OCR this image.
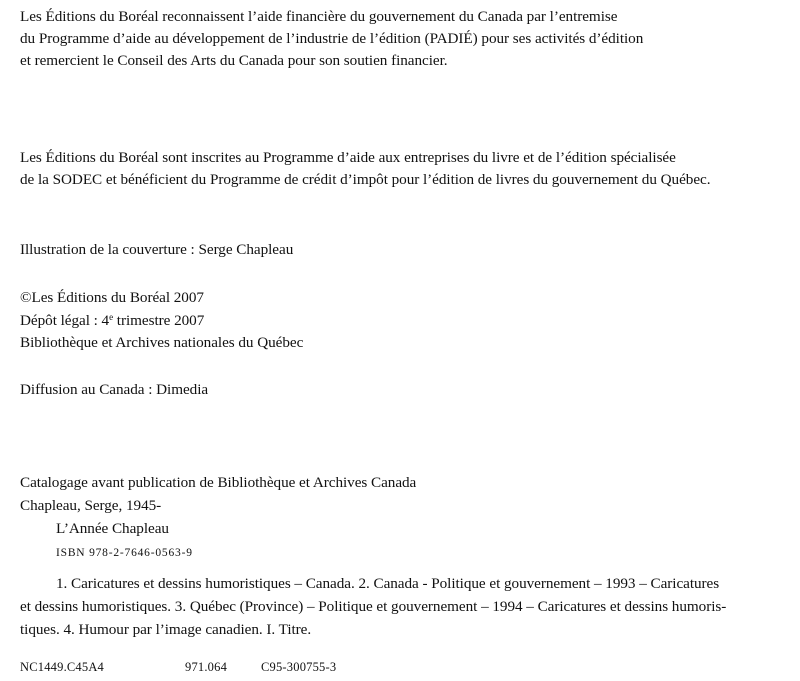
Les Éditions du Boréal reconnaissent l’aide financière du gouvernement du Canada par l’entremise
du Programme d’aide au développement de l’industrie de l’édition (PADIÉ) pour ses activités d’édition
et remercient le Conseil des Arts du Canada pour son soutien financier.
Les Éditions du Boréal sont inscrites au Programme d’aide aux entreprises du livre et de l’édition spécialisée
de la SODEC et bénéficient du Programme de crédit d’impôt pour l’édition de livres du gouvernement du Québec.
Illustration de la couverture : Serge Chapleau
©Les Éditions du Boréal 2007
Dépôt légal : 4e trimestre 2007
Bibliothèque et Archives nationales du Québec
Diffusion au Canada : Dimedia
Catalogage avant publication de Bibliothèque et Archives Canada
Chapleau, Serge, 1945-
L’Année Chapleau
ISBN 978-2-7646-0563-9
1. Caricatures et dessins humoristiques – Canada. 2. Canada - Politique et gouvernement – 1993 – Caricatures
et dessins humoristiques. 3. Québec (Province) – Politique et gouvernement – 1994 – Caricatures et dessins humoris-
tiques. 4. Humour par l’image canadien. I. Titre.
NC1449.C45A4	971.064	C95-300755-3
